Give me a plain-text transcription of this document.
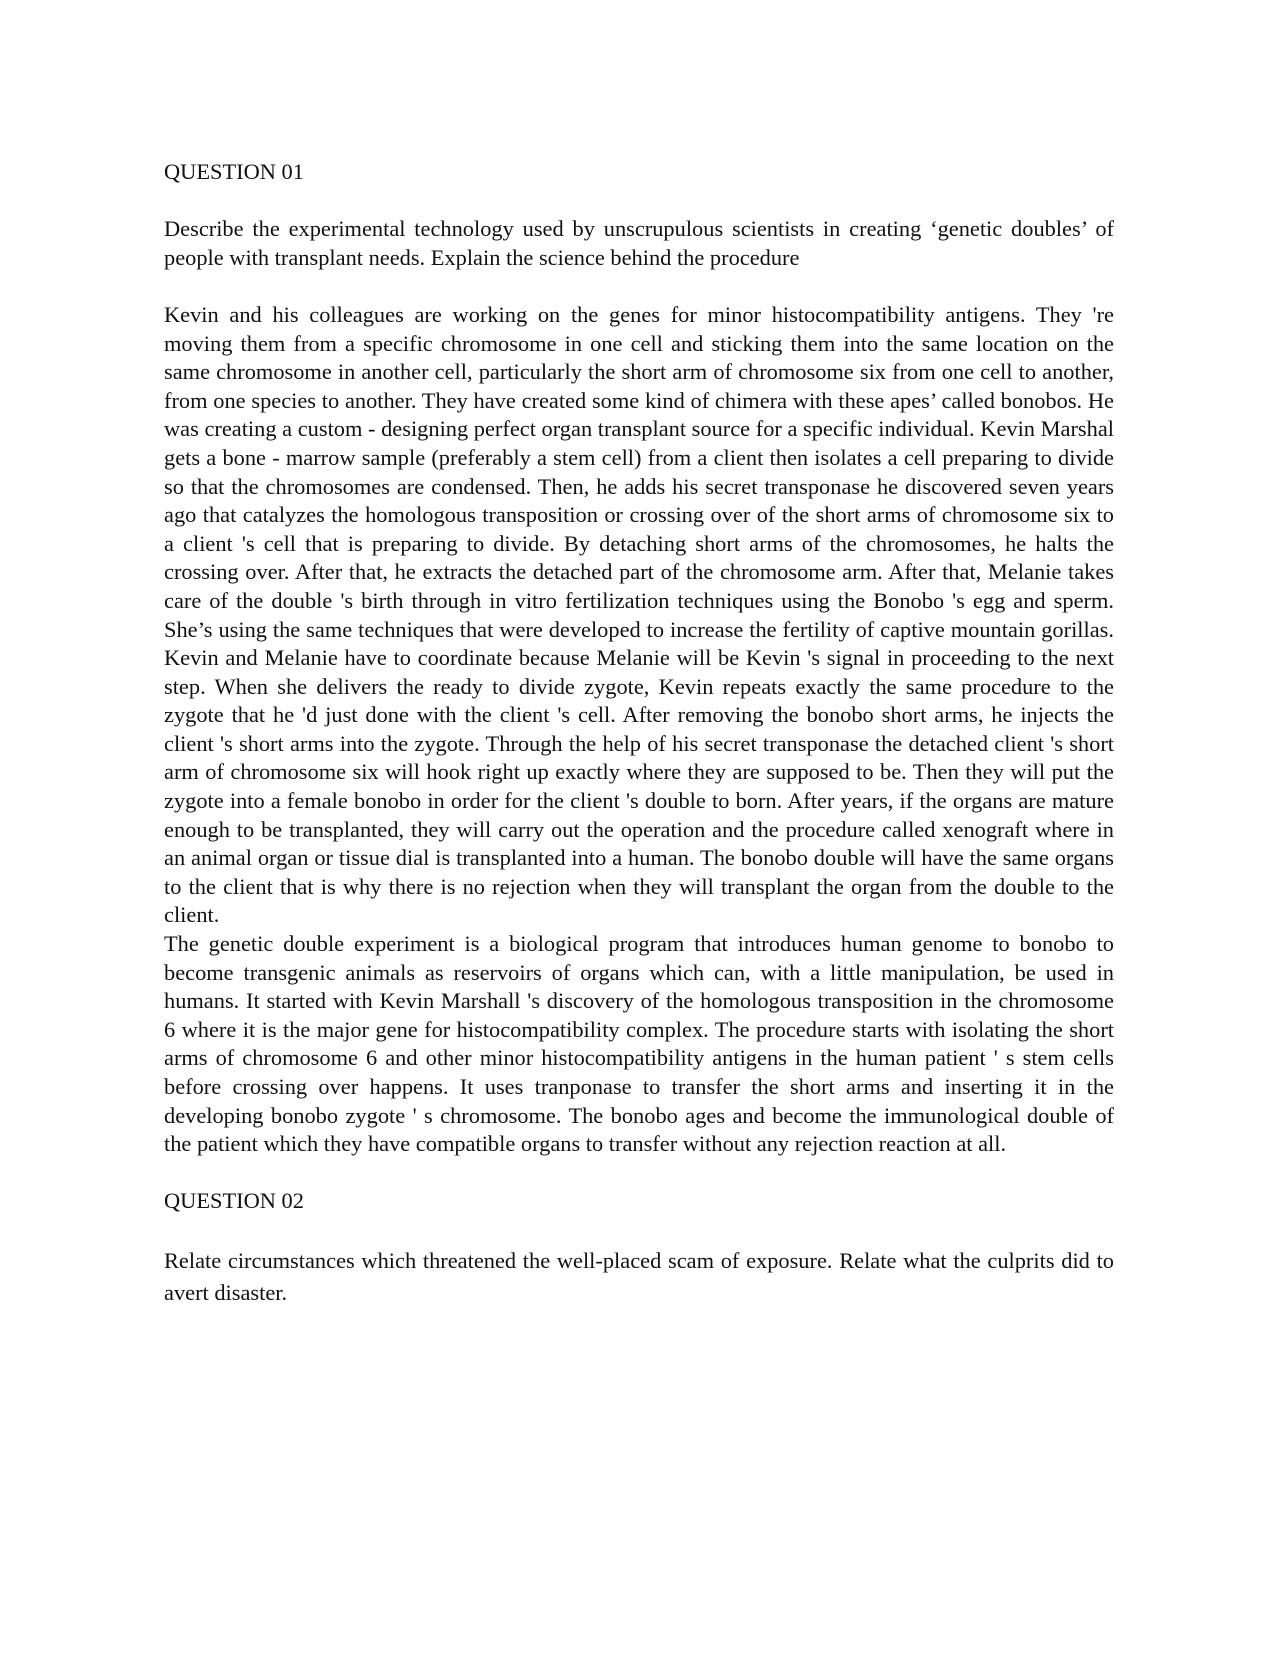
QUESTION 01

Describe the experimental technology used by unscrupulous scientists in creating ‘genetic doubles’ of people with transplant needs. Explain the science behind the procedure

Kevin and his colleagues are working on the genes for minor histocompatibility antigens. They 're moving them from a specific chromosome in one cell and sticking them into the same location on the same chromosome in another cell, particularly the short arm of chromosome six from one cell to another, from one species to another. They have created some kind of chimera with these apes’ called bonobos. He was creating a custom - designing perfect organ transplant source for a specific individual. Kevin Marshal gets a bone - marrow sample (preferably a stem cell) from a client then isolates a cell preparing to divide so that the chromosomes are condensed. Then, he adds his secret transponase he discovered seven years ago that catalyzes the homologous transposition or crossing over of the short arms of chromosome six to a client 's cell that is preparing to divide. By detaching short arms of the chromosomes, he halts the crossing over. After that, he extracts the detached part of the chromosome arm. After that, Melanie takes care of the double 's birth through in vitro fertilization techniques using the Bonobo 's egg and sperm. She’s using the same techniques that were developed to increase the fertility of captive mountain gorillas. Kevin and Melanie have to coordinate because Melanie will be Kevin 's signal in proceeding to the next step. When she delivers the ready to divide zygote, Kevin repeats exactly the same procedure to the zygote that he 'd just done with the client 's cell. After removing the bonobo short arms, he injects the client 's short arms into the zygote. Through the help of his secret transponase the detached client 's short arm of chromosome six will hook right up exactly where they are supposed to be. Then they will put the zygote into a female bonobo in order for the client 's double to born. After years, if the organs are mature enough to be transplanted, they will carry out the operation and the procedure called xenograft where in an animal organ or tissue dial is transplanted into a human. The bonobo double will have the same organs to the client that is why there is no rejection when they will transplant the organ from the double to the client.

The genetic double experiment is a biological program that introduces human genome to bonobo to become transgenic animals as reservoirs of organs which can, with a little manipulation, be used in humans. It started with Kevin Marshall 's discovery of the homologous transposition in the chromosome 6 where it is the major gene for histocompatibility complex. The procedure starts with isolating the short arms of chromosome 6 and other minor histocompatibility antigens in the human patient ' s stem cells before crossing over happens. It uses tranponase to transfer the short arms and inserting it in the developing bonobo zygote ' s chromosome. The bonobo ages and become the immunological double of the patient which they have compatible organs to transfer without any rejection reaction at all.

QUESTION 02

Relate circumstances which threatened the well-placed scam of exposure. Relate what the culprits did to avert disaster.
